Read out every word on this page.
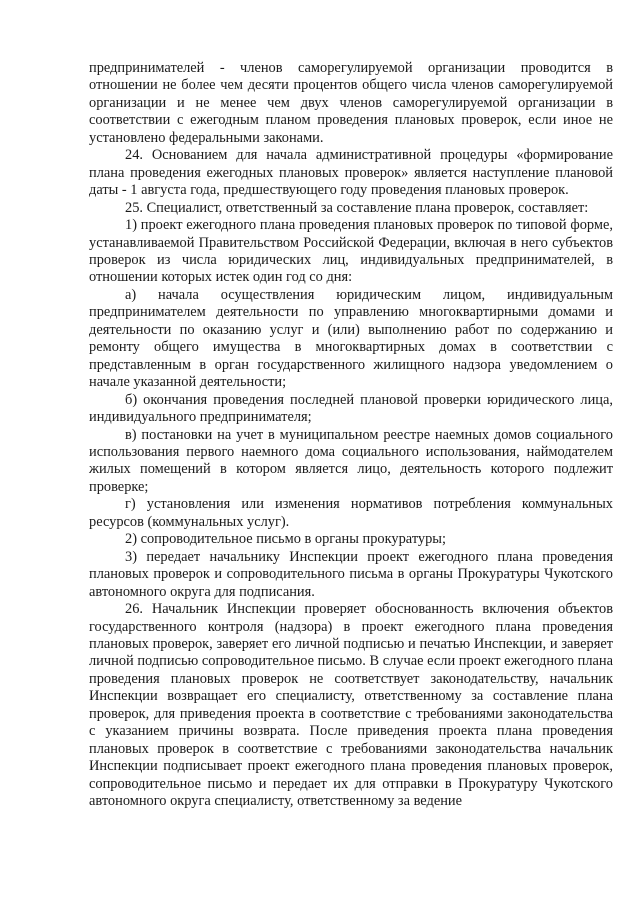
предпринимателей - членов саморегулируемой организации проводится в отношении не более чем десяти процентов общего числа членов саморегулируемой организации и не менее чем двух членов саморегулируемой организации в соответствии с ежегодным планом проведения плановых проверок, если иное не установлено федеральными законами.

24. Основанием для начала административной процедуры «формирование плана проведения ежегодных плановых проверок» является наступление плановой даты - 1 августа года, предшествующего году проведения плановых проверок.

25. Специалист, ответственный за составление плана проверок, составляет:

1) проект ежегодного плана проведения плановых проверок по типовой форме, устанавливаемой Правительством Российской Федерации, включая в него субъектов проверок из числа юридических лиц, индивидуальных предпринимателей, в отношении которых истек один год со дня:

а) начала осуществления юридическим лицом, индивидуальным предпринимателем деятельности по управлению многоквартирными домами и деятельности по оказанию услуг и (или) выполнению работ по содержанию и ремонту общего имущества в многоквартирных домах в соответствии с представленным в орган государственного жилищного надзора уведомлением о начале указанной деятельности;

б) окончания проведения последней плановой проверки юридического лица, индивидуального предпринимателя;

в) постановки на учет в муниципальном реестре наемных домов социального использования первого наемного дома социального использования, наймодателем жилых помещений в котором является лицо, деятельность которого подлежит проверке;

г) установления или изменения нормативов потребления коммунальных ресурсов (коммунальных услуг).

2) сопроводительное письмо в органы прокуратуры;

3) передает начальнику Инспекции проект ежегодного плана проведения плановых проверок и сопроводительного письма в органы Прокуратуры Чукотского автономного округа для подписания.

26. Начальник Инспекции проверяет обоснованность включения объектов государственного контроля (надзора) в проект ежегодного плана проведения плановых проверок, заверяет его личной подписью и печатью Инспекции, и заверяет личной подписью сопроводительное письмо. В случае если проект ежегодного плана проведения плановых проверок не соответствует законодательству, начальник Инспекции возвращает его специалисту, ответственному за составление плана проверок, для приведения проекта в соответствие с требованиями законодательства с указанием причины возврата. После приведения проекта плана проведения плановых проверок в соответствие с требованиями законодательства начальник Инспекции подписывает проект ежегодного плана проведения плановых проверок, сопроводительное письмо и передает их для отправки в Прокуратуру Чукотского автономного округа специалисту, ответственному за ведение
